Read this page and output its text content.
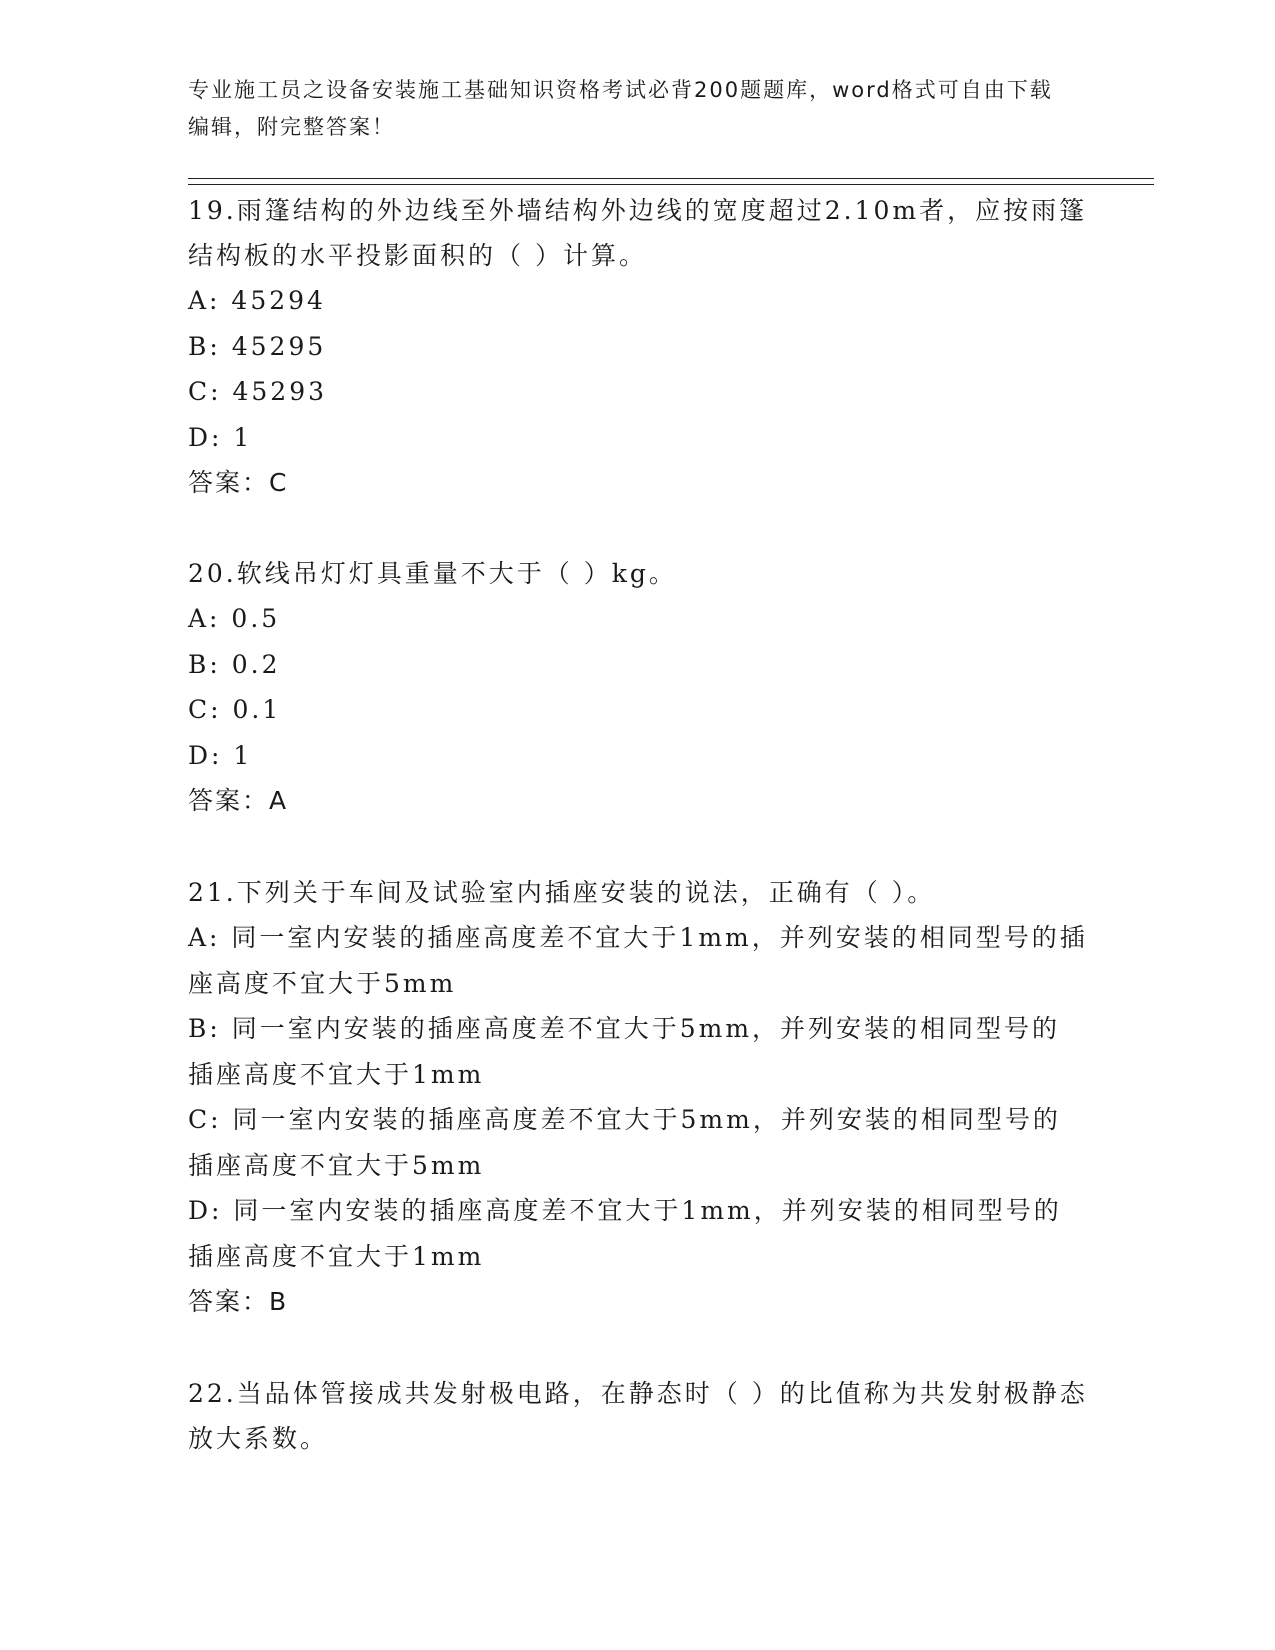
专业施工员之设备安装施工基础知识资格考试必背200题题库，word格式可自由下载编辑，附完整答案！

19.雨篷结构的外边线至外墙结构外边线的宽度超过2.10m者，应按雨篷结构板的水平投影面积的（ ）计算。

A: 45294

B: 45295

C: 45293

D: 1

答案：C

20.软线吊灯灯具重量不大于（ ）kg。

A: 0.5

B: 0.2

C: 0.1

D: 1

答案：A

21.下列关于车间及试验室内插座安装的说法，正确有（ ）。

A: 同一室内安装的插座高度差不宜大于1mm，并列安装的相同型号的插座高度不宜大于5mm

B: 同一室内安装的插座高度差不宜大于5mm，并列安装的相同型号的插座高度不宜大于1mm

C: 同一室内安装的插座高度差不宜大于5mm，并列安装的相同型号的插座高度不宜大于5mm

D: 同一室内安装的插座高度差不宜大于1mm，并列安装的相同型号的插座高度不宜大于1mm

答案：B

22.当品体管接成共发射极电路，在静态时（ ）的比值称为共发射极静态放大系数。
